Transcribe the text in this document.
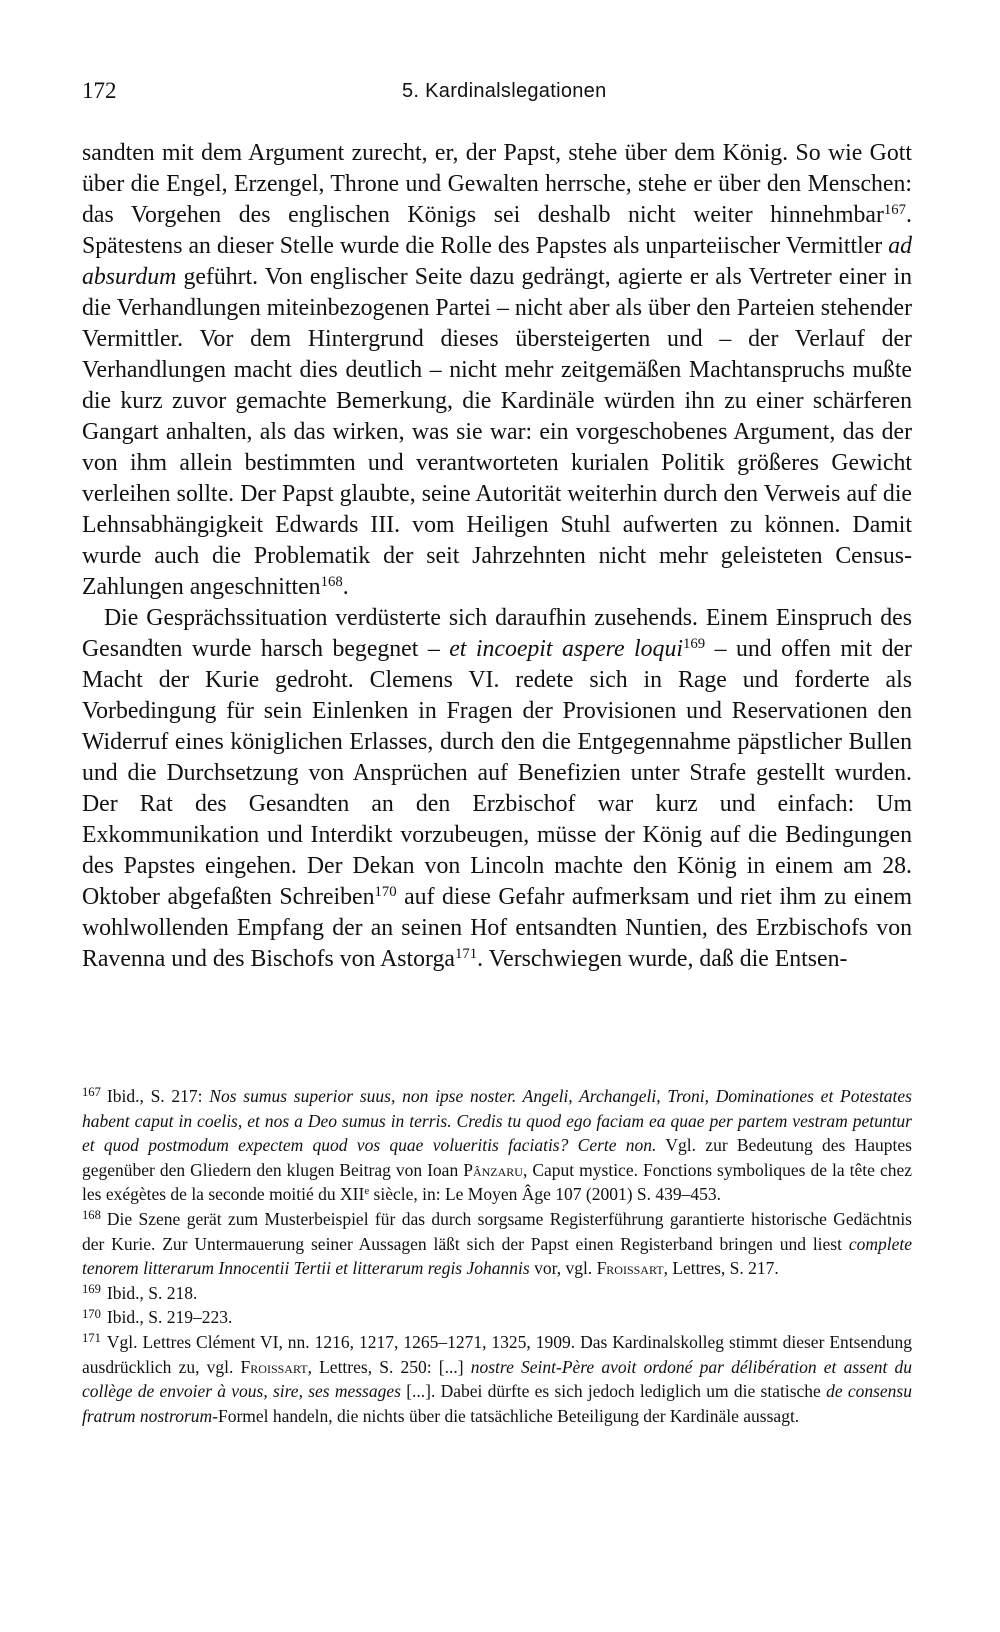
172	5. Kardinalslegationen

sandten mit dem Argument zurecht, er, der Papst, stehe über dem König. So wie Gott über die Engel, Erzengel, Throne und Gewalten herrsche, stehe er über den Menschen: das Vorgehen des englischen Königs sei deshalb nicht weiter hinnehmbar$^{167}$. Spätestens an dieser Stelle wurde die Rolle des Papstes als unparteiischer Vermittler ad absurdum geführt. Von englischer Seite dazu gedrängt, agierte er als Vertreter einer in die Verhandlungen miteinbezogenen Partei – nicht aber als über den Parteien stehender Vermittler. Vor dem Hintergrund dieses übersteigerten und – der Verlauf der Verhandlungen macht dies deutlich – nicht mehr zeitgemäßen Machtanspruchs mußte die kurz zuvor gemachte Bemerkung, die Kardinäle würden ihn zu einer schärferen Gangart anhalten, als das wirken, was sie war: ein vorgeschobenes Argument, das der von ihm allein bestimmten und verantworteten kurialen Politik größeres Gewicht verleihen sollte. Der Papst glaubte, seine Autorität weiterhin durch den Verweis auf die Lehnsabhängigkeit Edwards III. vom Heiligen Stuhl aufwerten zu können. Damit wurde auch die Problematik der seit Jahrzehnten nicht mehr geleisteten Census-Zahlungen angeschnitten$^{168}$.

Die Gesprächssituation verdüsterte sich daraufhin zusehends. Einem Einspruch des Gesandten wurde harsch begegnet – et incoepit aspere loqui$^{169}$ – und offen mit der Macht der Kurie gedroht. Clemens VI. redete sich in Rage und forderte als Vorbedingung für sein Einlenken in Fragen der Provisionen und Reservationen den Widerruf eines königlichen Erlasses, durch den die Entgegennahme päpstlicher Bullen und die Durchsetzung von Ansprüchen auf Benefizien unter Strafe gestellt wurden. Der Rat des Gesandten an den Erzbischof war kurz und einfach: Um Exkommunikation und Interdikt vorzubeugen, müsse der König auf die Bedingungen des Papstes eingehen. Der Dekan von Lincoln machte den König in einem am 28. Oktober abgefaßten Schreiben$^{170}$ auf diese Gefahr aufmerksam und riet ihm zu einem wohlwollenden Empfang der an seinen Hof entsandten Nuntien, des Erzbischofs von Ravenna und des Bischofs von Astorga$^{171}$. Verschwiegen wurde, daß die Entsen-

$^{167}$ Ibid., S. 217: Nos sumus superior suus, non ipse noster. Angeli, Archangeli, Troni, Dominationes et Potestates habent caput in coelis, et nos a Deo sumus in terris. Credis tu quod ego faciam ea quae per partem vestram petuntur et quod postmodum expectem quod vos quae volueritis faciatis? Certe non. Vgl. zur Bedeutung des Hauptes gegenüber den Gliedern den klugen Beitrag von Ioan Pânzaru, Caput mystice. Fonctions symboliques de la tête chez les exégètes de la seconde moitié du XIIe siècle, in: Le Moyen Âge 107 (2001) S. 439–453.

$^{168}$ Die Szene gerät zum Musterbeispiel für das durch sorgsame Registerführung garantierte historische Gedächtnis der Kurie. Zur Untermauerung seiner Aussagen läßt sich der Papst einen Registerband bringen und liest complete tenorem litterarum Innocentii Tertii et litterarum regis Johannis vor, vgl. Froissart, Lettres, S. 217.

$^{169}$ Ibid., S. 218.

$^{170}$ Ibid., S. 219–223.

$^{171}$ Vgl. Lettres Clément VI, nn. 1216, 1217, 1265–1271, 1325, 1909. Das Kardinalskolleg stimmt dieser Entsendung ausdrücklich zu, vgl. Froissart, Lettres, S. 250: [...] nostre Seint-Père avoit ordoné par délibération et assent du collège de envoier à vous, sire, ses messages [...]. Dabei dürfte es sich jedoch lediglich um die statische de consensu fratrum nostrorum-Formel handeln, die nichts über die tatsächliche Beteiligung der Kardinäle aussagt.
